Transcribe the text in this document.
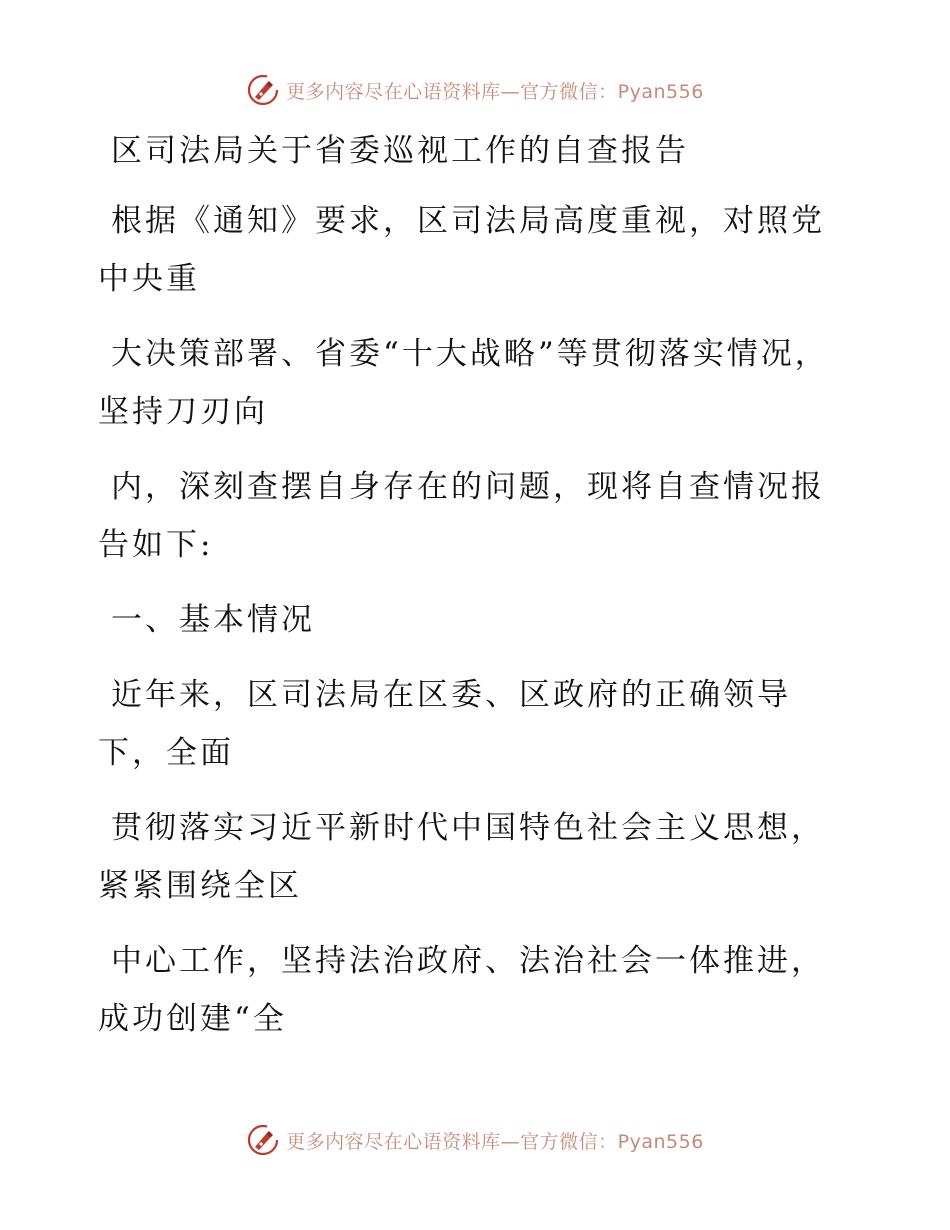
更多内容尽在心语资料库—官方微信：Pyan556

区司法局关于省委巡视工作的自查报告

根据《通知》要求，区司法局高度重视，对照党中央重

大决策部署、省委“十大战略”等贯彻落实情况，坚持刀刃向

内，深刻查摆自身存在的问题，现将自查情况报告如下:

一、基本情况

近年来，区司法局在区委、区政府的正确领导下，全面

贯彻落实习近平新时代中国特色社会主义思想，紧紧围绕全区

中心工作，坚持法治政府、法治社会一体推进，成功创建“全

更多内容尽在心语资料库—官方微信：Pyan556
